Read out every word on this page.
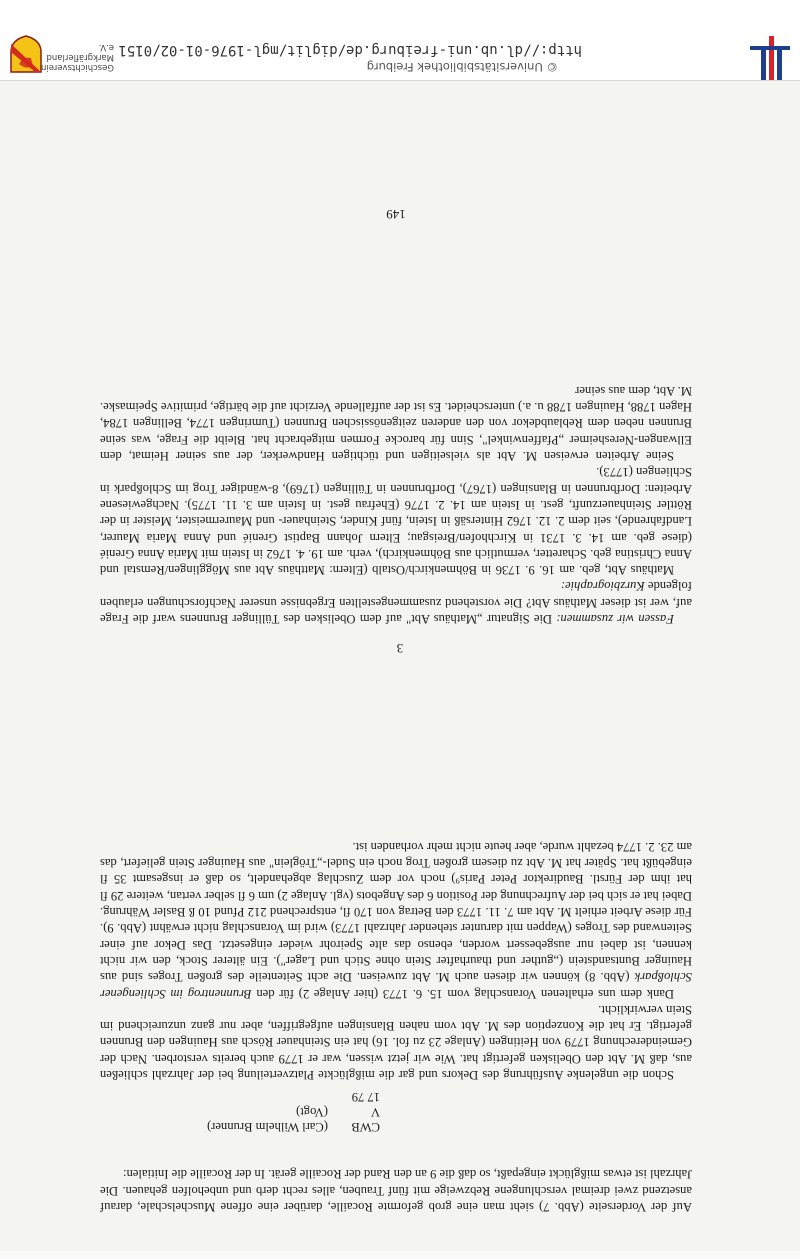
Auf der Vorderseite (Abb. 7) sieht man eine grob geformte Rocaille, darüber eine offene Muschelschale, darauf ansetzend zwei dreimal verschlungene Rebzweige mit fünf Trauben, alles recht derb und unbeholfen gehauen. Die Jahrzahl ist etwas mißglückt eingepaßt, so daß die 9 an den Rand der Rocaille gerät. In der Rocaille die Initialen:

CWB
(Carl Wilhelm Brunner)
V
(Vogt)
17 79

Schon die ungelenke Ausführung des Dekors und gar die mißglückte Platzverteilung bei der Jahrzahl schließen aus, daß M. Abt den Obelisken gefertigt hat. Wie wir jetzt wissen, war er 1779 auch bereits verstorben. Nach der Gemeinderechnung 1779 von Heitingen (Anlage 23 zu fol. 16) hat ein Steinhauer Rösch aus Hauingen den Brunnen gefertigt. Er hat die Konzeption des M. Abt vom nahen Blansingen aufgegriffen, aber nur ganz unzureichend im Stein verwirklicht.

Dank dem uns erhaltenen Voranschlag vom 15. 6. 1773 (hier Anlage 2) für den Brunnentrog im Schliengener Schloßpark (Abb. 8) können wir diesen auch M. Abt zuweisen. Die acht Seitenteile des großen Troges sind aus Hauinger Buntsandstein („guther und thaurhafter Stein ohne Stich und Lager"). Ein älterer Stock, den wir nicht kennen, ist dabei nur ausgebessert worden, ebenso das alte Speirohr wieder eingesetzt. Das Dekor auf einer Seitenwand des Troges (Wappen mit darunter stehender Jahrzahl 1773) wird im Voranschlag nicht erwähnt (Abb. 9). Für diese Arbeit erhielt M. Abt am 7. 11. 1773 den Betrag von 170 fl, entsprechend 212 Pfund 10 ß Basler Währung. Dabei hat er sich bei der Aufrechnung der Position 6 des Angebots (vgl. Anlage 2) um 6 fl selber vertan, weitere 29 fl hat ihm der Fürstl. Baudirektor Peter Paris⁹) noch vor dem Zuschlag abgehandelt, so daß er insgesamt 35 fl eingebüßt hat. Später hat M. Abt zu diesem großen Trog noch ein Sudel-„Tröglein" aus Hauinger Stein geliefert, das am 23. 2. 1774 bezahlt wurde, aber heute nicht mehr vorhanden ist.

3

Fassen wir zusammen: Die Signatur „Mathäus Abt" auf dem Obelisken des Tüllinger Brunnens warf die Frage auf, wer ist dieser Mathäus Abt? Die vorstehend zusammengestellten Ergebnisse unserer Nachforschungen erlauben folgende Kurzbiographie:

Mathäus Abt, geb. am 16. 9. 1736 in Böhmenkirch/Ostalb (Eltern: Matthäus Abt aus Mögglingen/Remstal und Anna Christina geb. Scharetter, vermutlich aus Böhmenkirch), verh. am 19. 4. 1762 in Istein mit Maria Anna Grenié (diese geb. am 14. 3. 1731 in Kirchhofen/Breisgau; Eltern Johann Baptist Grenié und Anna Maria Maurer, Landfahrende), seit dem 2. 12. 1762 Hintersäß in Istein, fünf Kinder, Steinhauer- und Maurermeister, Meister in der Röttler Steinhauerzunft, gest. in Istein am 14. 2. 1776 (Ehefrau gest. in Istein am 3. 11. 1775). Nachgewiesene Arbeiten: Dorfbrunnen in Blansingen (1767), Dorfbrunnen in Tüllingen (1769), 8-wändiger Trog im Schloßpark in Schliengen (1773).

Seine Arbeiten erweisen M. Abt als vielseitigen und tüchtigen Handwerker, der aus seiner Heimat, dem Ellwangen-Neresheimer „Pfaffenwinkel", Sinn für barocke Formen mitgebracht hat. Bleibt die Frage, was seine Brunnen neben dem Reblaubdekor von den anderen zeitgenössischen Brunnen (Tumringen 1774, Bellingen 1784, Hagen 1788, Hauingen 1788 u. a.) unterscheidet. Es ist der auffallende Verzicht auf die bärtige, primitive Speimaske. M. Abt, dem aus seiner

149
http://dl.ub.uni-freiburg.de/diglit/mgl-1976-01-02/0151
© Universitätsbibliothek Freiburg
Geschichtsverein
Markgräflerland e.V.
